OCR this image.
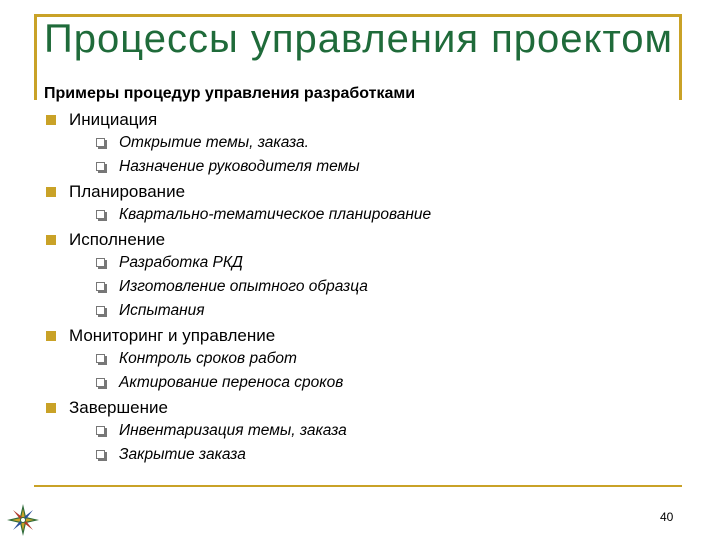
Процессы управления проектом
Примеры процедур управления разработками
Инициация
Открытие темы, заказа.
Назначение руководителя темы
Планирование
Квартально-тематическое планирование
Исполнение
Разработка РКД
Изготовление опытного образца
Испытания
Мониторинг и управление
Контроль сроков работ
Актирование переноса сроков
Завершение
Инвентаризация темы, заказа
Закрытие заказа
40
